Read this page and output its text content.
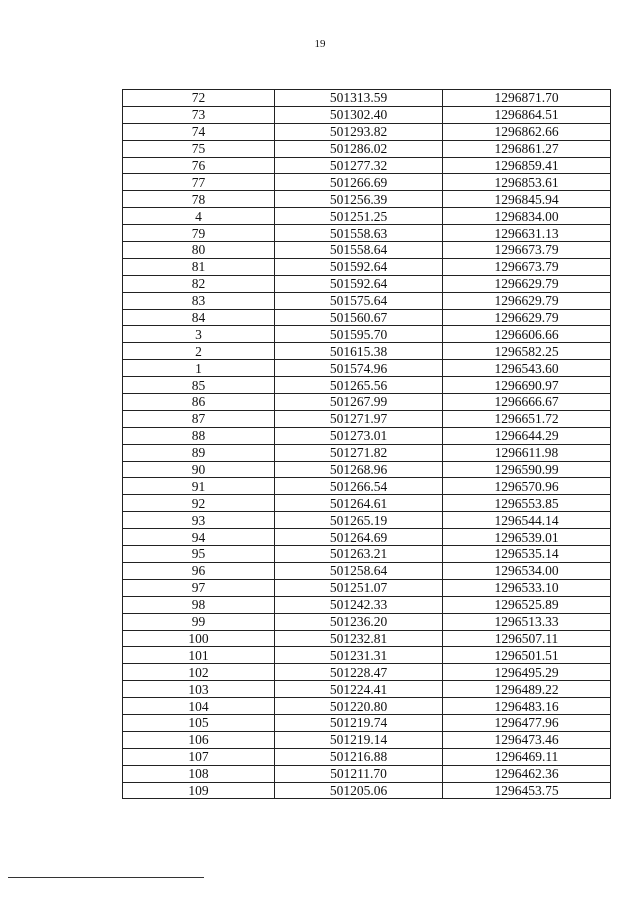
19
72	501313.59	1296871.70
73	501302.40	1296864.51
74	501293.82	1296862.66
75	501286.02	1296861.27
76	501277.32	1296859.41
77	501266.69	1296853.61
78	501256.39	1296845.94
4	501251.25	1296834.00
79	501558.63	1296631.13
80	501558.64	1296673.79
81	501592.64	1296673.79
82	501592.64	1296629.79
83	501575.64	1296629.79
84	501560.67	1296629.79
3	501595.70	1296606.66
2	501615.38	1296582.25
1	501574.96	1296543.60
85	501265.56	1296690.97
86	501267.99	1296666.67
87	501271.97	1296651.72
88	501273.01	1296644.29
89	501271.82	1296611.98
90	501268.96	1296590.99
91	501266.54	1296570.96
92	501264.61	1296553.85
93	501265.19	1296544.14
94	501264.69	1296539.01
95	501263.21	1296535.14
96	501258.64	1296534.00
97	501251.07	1296533.10
98	501242.33	1296525.89
99	501236.20	1296513.33
100	501232.81	1296507.11
101	501231.31	1296501.51
102	501228.47	1296495.29
103	501224.41	1296489.22
104	501220.80	1296483.16
105	501219.74	1296477.96
106	501219.14	1296473.46
107	501216.88	1296469.11
108	501211.70	1296462.36
109	501205.06	1296453.75
